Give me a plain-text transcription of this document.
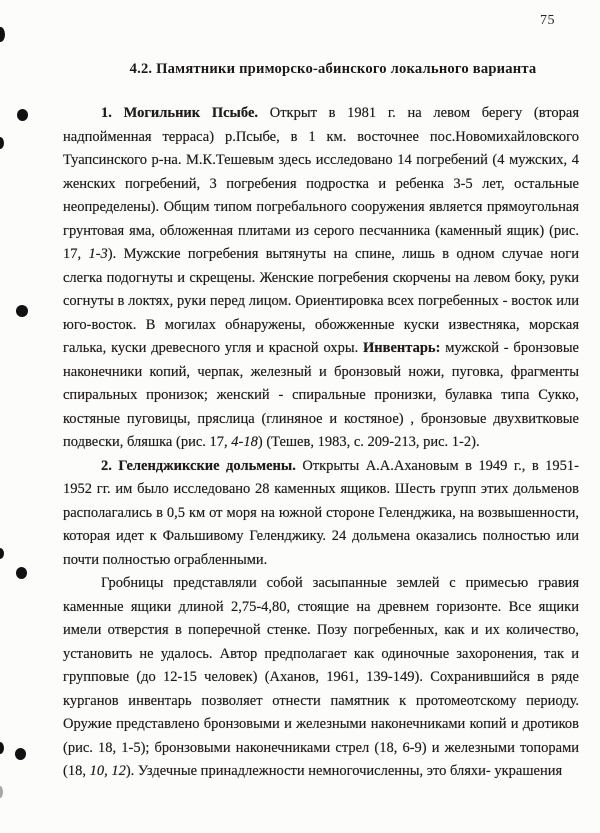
75
4.2. Памятники приморско-абинского локального варианта

1. Могильник Псыбе. Открыт в 1981 г. на левом берегу (вторая надпойменная терраса) р.Псыбе, в 1 км. восточнее пос.Новомихайловского Туапсинского р-на. М.К.Тешевым здесь исследовано 14 погребений (4 мужских, 4 женских погребений, 3 погребения подростка и ребенка 3-5 лет, остальные неопределены). Общим типом погребального сооружения является прямоугольная грунтовая яма, обложенная плитами из серого песчанника (каменный ящик) (рис. 17, 1-3). Мужские погребения вытянуты на спине, лишь в одном случае ноги слегка подогнуты и скрещены. Женские погребения скорчены на левом боку, руки согнуты в локтях, руки перед лицом. Ориентировка всех погребенных - восток или юго-восток. В могилах обнаружены, обожженные куски известняка, морская галька, куски древесного угля и красной охры. Инвентарь: мужской - бронзовые наконечники копий, черпак, железный и бронзовый ножи, пуговка, фрагменты спиральных пронизок; женский - спиральные пронизки, булавка типа Сукко, костяные пуговицы, пряслица (глиняное и костяное) , бронзовые двухвитковые подвески, бляшка (рис. 17, 4-18) (Тешев, 1983, с. 209-213, рис. 1-2).

2. Геленджикские дольмены. Открыты А.А.Ахановым в 1949 г., в 1951-1952 гг. им было исследовано 28 каменных ящиков. Шесть групп этих дольменов располагались в 0,5 км от моря на южной стороне Геленджика, на возвышенности, которая идет к Фальшивому Геленджику. 24 дольмена оказались полностью или почти полностью ограбленными.

Гробницы представляли собой засыпанные землей с примесью гравия каменные ящики длиной 2,75-4,80, стоящие на древнем горизонте. Все ящики имели отверстия в поперечной стенке. Позу погребенных, как и их количество, установить не удалось. Автор предполагает как одиночные захоронения, так и групповые (до 12-15 человек) (Аханов, 1961, 139-149). Сохранившийся в ряде курганов инвентарь позволяет отнести памятник к протомеотскому периоду. Оружие представлено бронзовыми и железными наконечниками копий и дротиков (рис. 18, 1-5); бронзовыми наконечниками стрел (18, 6-9) и железными топорами (18, 10, 12). Уздечные принадлежности немногочисленны, это бляхи- украшения
